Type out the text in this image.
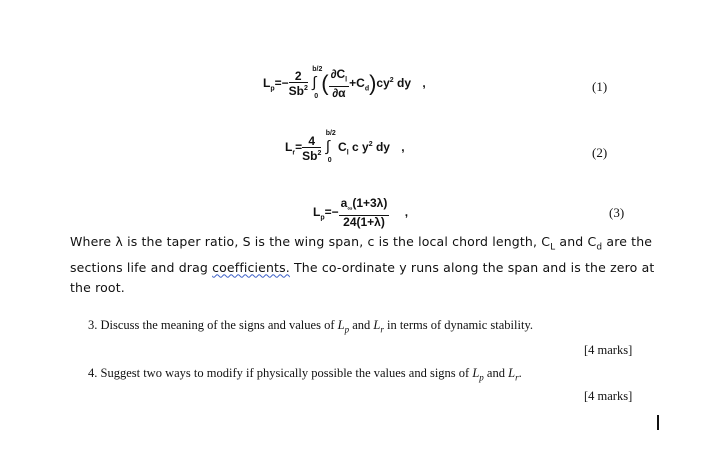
$L_p=- \frac{2}{Sb^2}$

b/2
∫
0
( $\frac{\partial C_l}{\partial\alpha} +C_d)cy^2$ dy ,	(1)
$L_r= \frac{4}{Sb^2}$

b/2
∫
0
$C_l$ c $y^2$ dy ,	(2)
$L_p=- \frac{a_\infty(1+3\lambda)}{24(1+\lambda)}$ ,	(3)
Where λ is the taper ratio, S is the wing span, c is the local chord length, $C_L$ and $C_d$ are the sections life and drag coefficients. The co-ordinate y runs along the span and is the zero at the root.
3. Discuss the meaning of the signs and values of $L_p$ and $L_r$ in terms of dynamic stability.
[4 marks]
4. Suggest two ways to modify if physically possible the values and signs of $L_p$ and $L_r$.
[4 marks]
